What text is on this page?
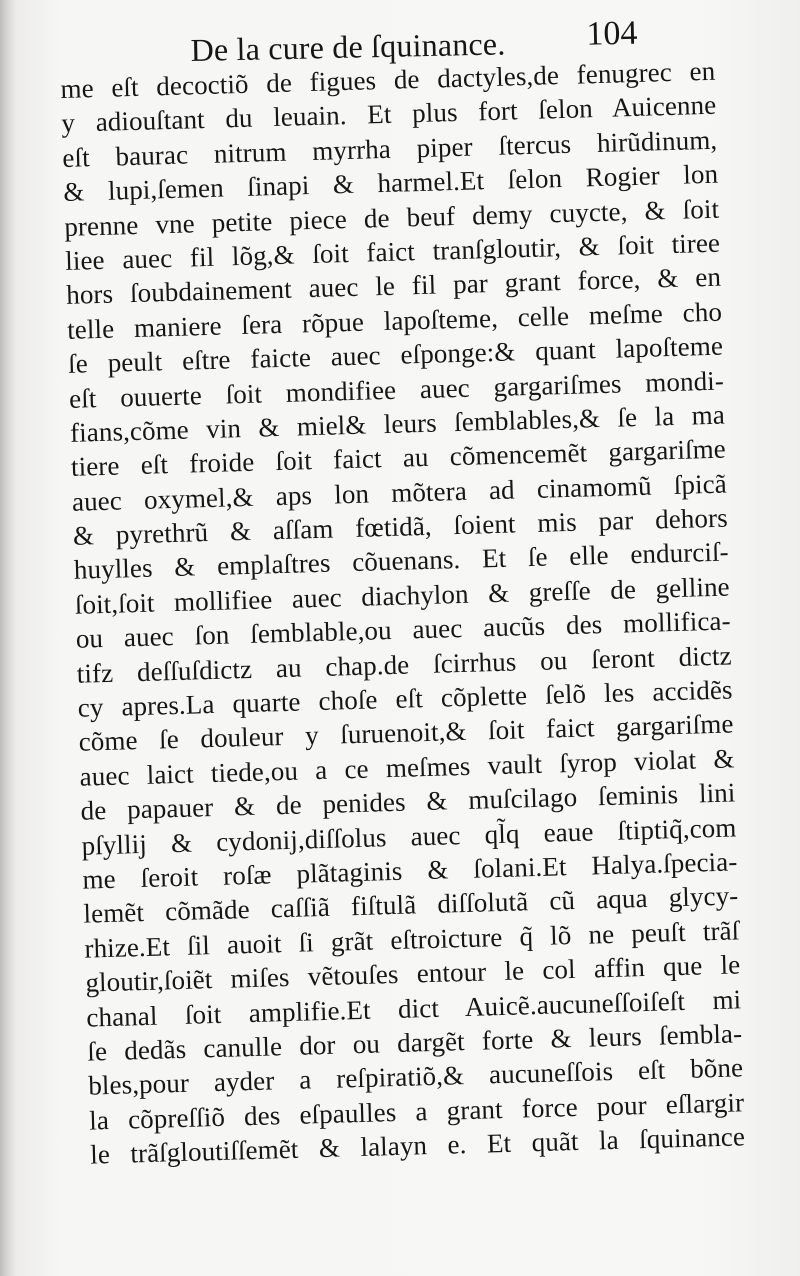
De la cure de ſquinance. 104
me eſt decoctiõ de figues de dactyles,de fenugrec en
y adiouſtant du leuain. Et plus fort ſelon Auicenne
eſt baurac nitrum myrrha piper ſtercus hirũdinum,
& lupi,ſemen ſinapi & harmel.Et ſelon Rogier lon
prenne vne petite piece de beuf demy cuycte, & ſoit
liee auec fil lõg,& ſoit faict tranſgloutir, & ſoit tiree
hors ſoubdainement auec le fil par grant force, & en
telle maniere ſera rõpue lapoſteme, celle meſme cho
ſe peult eſtre faicte auec eſponge:& quant lapoſteme
eſt ouuerte ſoit mondifiee auec gargariſmes mondi-
fians,cõme vin & miel& leurs ſemblables,& ſe la ma
tiere eſt froide ſoit faict au cõmencemẽt gargariſme
auec oxymel,& aps lon mõtera ad cinamomũ ſpicã
& pyrethrũ & aſſam fœtidã, ſoient mis par dehors
huylles & emplaſtres cõuenans. Et ſe elle endurciſ-
ſoit,ſoit mollifiee auec diachylon & greſſe de gelline
ou auec ſon ſemblable,ou auec aucũs des mollifica-
tifz deſſuſdictz au chap.de ſcirrhus ou ſeront dictz
cy apres.La quarte choſe eſt cõplette ſelõ les accidẽs
cõme ſe douleur y ſuruenoit,& ſoit faict gargariſme
auec laict tiede,ou a ce meſmes vault ſyrop violat &
de papauer & de penides & muſcilago ſeminis lini
pſyllij & cydonij,diſſolus auec ql̃q eaue ſtiptiq̃,com
me ſeroit roſæ plãtaginis & ſolani.Et Halya.ſpecia-
lemẽt cõmãde caſſiã fiſtulã diſſolutã cũ aqua glycy-
rhize.Et ſil auoit ſi grãt eſtroicture q̃ lõ ne peuſt trãſ
gloutir,ſoiẽt miſes vẽtouſes entour le col affin que le
chanal ſoit amplifie.Et dict Auicẽ.aucuneſſoiſeſt mi
ſe dedãs canulle dor ou dargẽt forte & leurs ſembla-
bles,pour ayder a reſpiratiõ,& aucuneſſois eſt bõne
la cõpreſſiõ des eſpaulles a grant force pour eſlargir
le trãſgloutiſſemẽt & lalayn e. Et quãt la ſquinance
